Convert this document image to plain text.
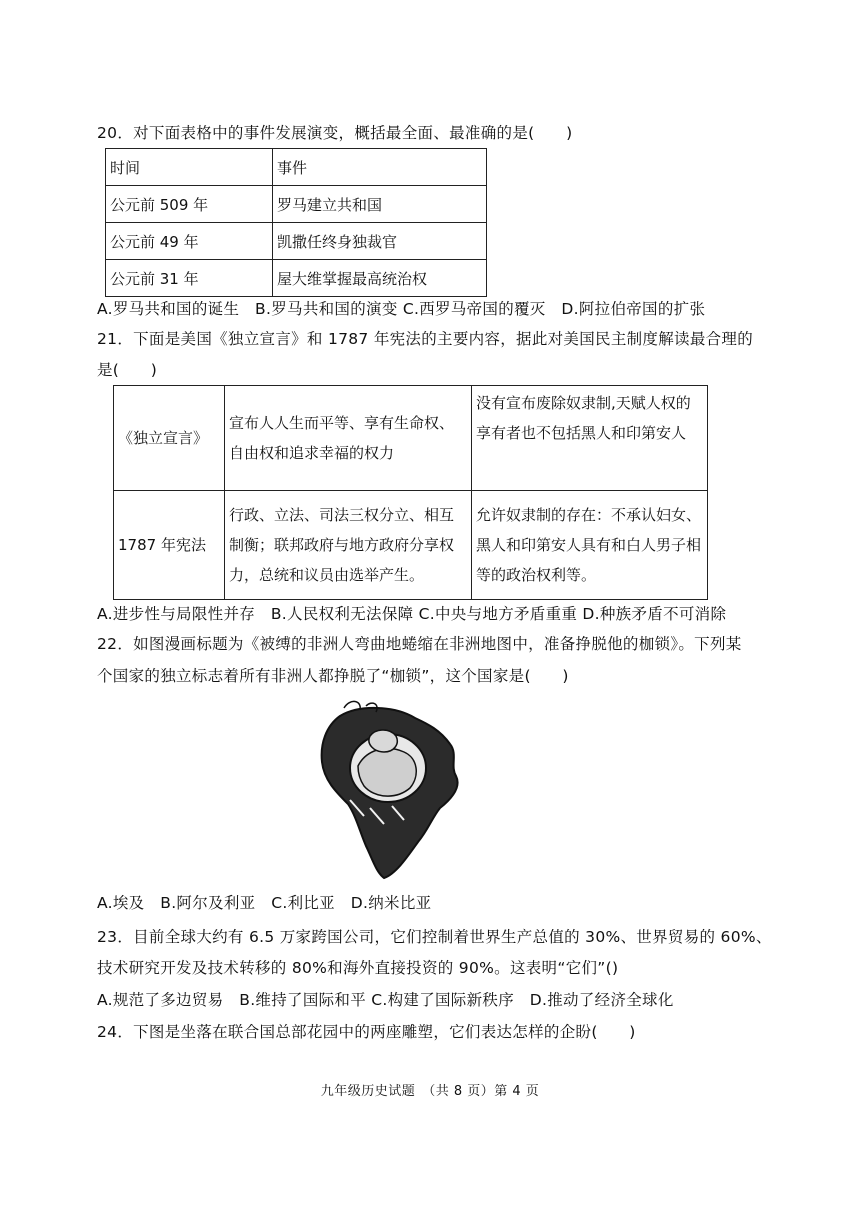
20．对下面表格中的事件发展演变，概括最全面、最准确的是(　　)
时间	事件
公元前 509 年	罗马建立共和国
公元前 49 年	凯撒任终身独裁官
公元前 31 年	屋大维掌握最高统治权
A.罗马共和国的诞生　B.罗马共和国的演变 C.西罗马帝国的覆灭　D.阿拉伯帝国的扩张
21．下面是美国《独立宣言》和 1787 年宪法的主要内容，据此对美国民主制度解读最合理的
是(　　)
《独立宣言》	宣布人人生而平等、享有生命权、自由权和追求幸福的权力	没有宣布废除奴隶制,天赋人权的享有者也不包括黑人和印第安人
1787 年宪法	行政、立法、司法三权分立、相互制衡；联邦政府与地方政府分享权力，总统和议员由选举产生。	允许奴隶制的存在：不承认妇女、黑人和印第安人具有和白人男子相等的政治权利等。
A.进步性与局限性并存　B.人民权利无法保障 C.中央与地方矛盾重重 D.种族矛盾不可消除
22．如图漫画标题为《被缚的非洲人弯曲地蜷缩在非洲地图中，准备挣脱他的枷锁》。下列某
个国家的独立标志着所有非洲人都挣脱了“枷锁”，这个国家是(　　)
A.埃及　B.阿尔及利亚　C.利比亚　D.纳米比亚
23．目前全球大约有 6.5 万家跨国公司，它们控制着世界生产总值的 30%、世界贸易的 60%、
技术研究开发及技术转移的 80%和海外直接投资的 90%。这表明“它们”()
A.规范了多边贸易　B.维持了国际和平 C.构建了国际新秩序　D.推动了经济全球化
24．下图是坐落在联合国总部花园中的两座雕塑，它们表达怎样的企盼(　　)
九年级历史试题　（共 8 页）第 4 页
